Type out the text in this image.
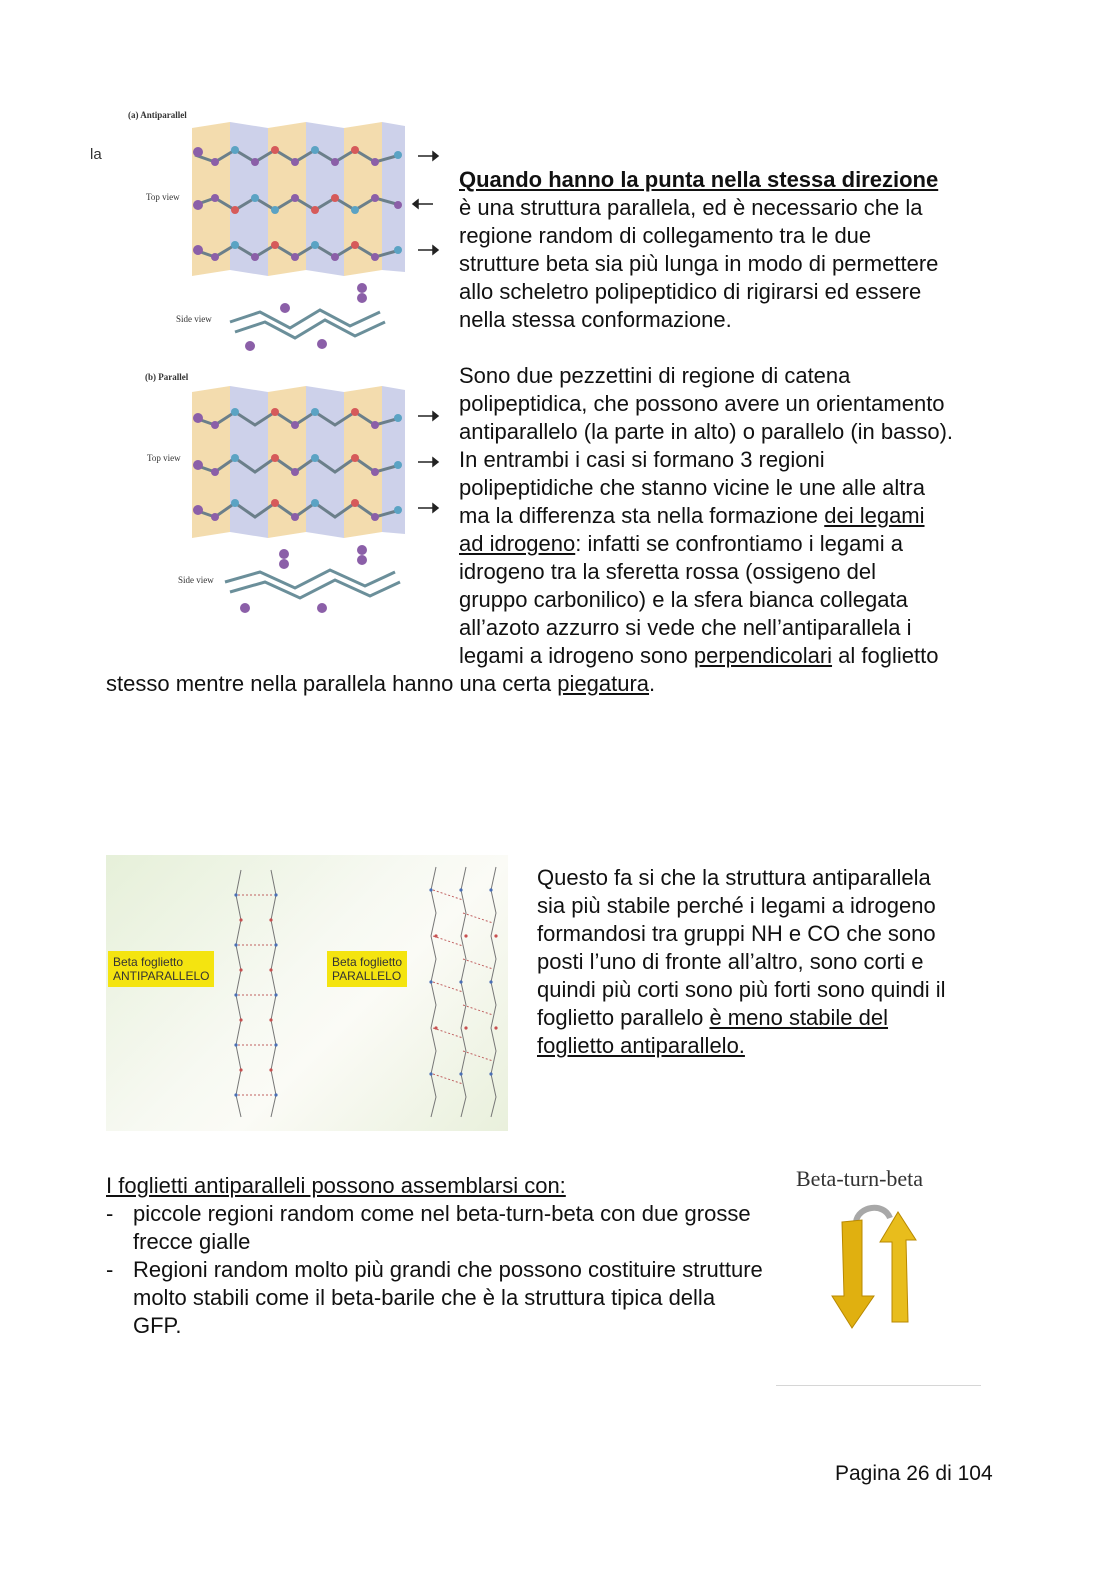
la
(a) Antiparallel
Top view
Side view
(b) Parallel
Top view
Side view
Quando hanno la punta nella stessa direzione
è una struttura parallela, ed è necessario che la
regione random di collegamento tra le due
strutture beta sia più lunga in modo di permettere
allo scheletro polipeptidico di rigirarsi ed essere
nella stessa conformazione.
Sono due pezzettini di regione di catena
polipeptidica, che possono avere un orientamento
antiparallelo (la parte in alto) o parallelo (in basso).
In entrambi i casi si formano 3 regioni
polipeptidiche che stanno vicine le une alle altra
ma la differenza sta nella formazione dei legami
ad idrogeno: infatti se confrontiamo i legami a
idrogeno tra la sferetta rossa (ossigeno del
gruppo carbonilico) e la sfera bianca collegata
all’azoto azzurro si vede che nell’antiparallela i
legami a idrogeno sono perpendicolari al foglietto
stesso mentre nella parallela hanno una certa piegatura.
Beta foglietto
ANTIPARALLELO
Beta foglietto
PARALLELO
Questo fa si che la struttura antiparallela
sia più stabile perché i legami a idrogeno
formandosi tra gruppi NH e CO che sono
posti l’uno di fronte all’altro, sono corti e
quindi più corti sono più forti sono quindi il
foglietto parallelo è meno stabile del
foglietto antiparallelo.
I foglietti antiparalleli possono assemblarsi con:
- piccole regioni random come nel beta-turn-beta con due grosse frecce gialle
- Regioni random molto più grandi che possono costituire strutture molto stabili come il beta-barile che è la struttura tipica della GFP.
Beta-turn-beta
Pagina 26 di 104
